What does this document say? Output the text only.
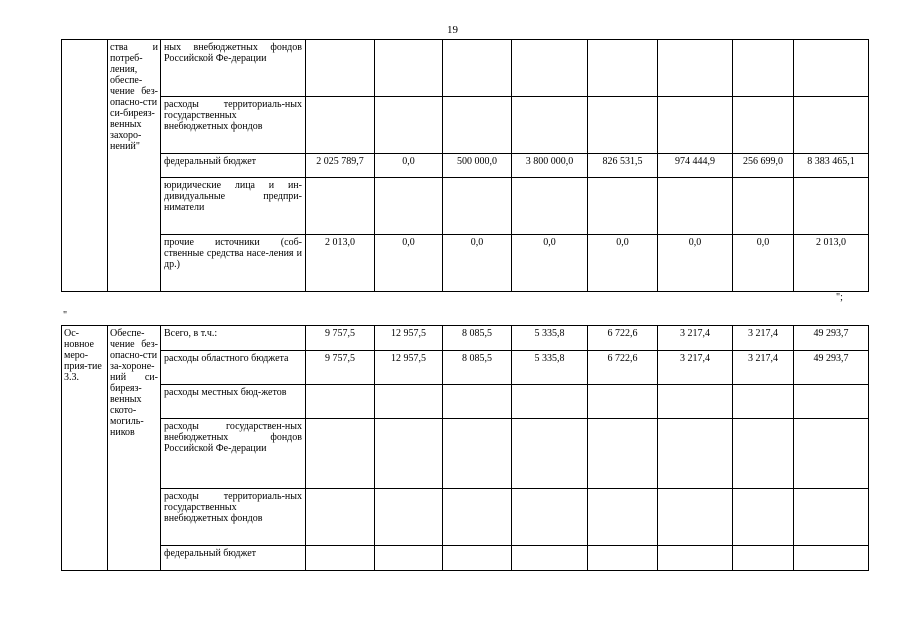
19
	ства и потреб-ления, обеспе-чение без-опасно-сти си-биреяз-венных захоро-нений"	ных внебюджетных фондов Российской Фе-дерации								
		расходы территориаль-ных государственных внебюджетных фондов								
		федеральный бюджет	2 025 789,7	0,0	500 000,0	3 800 000,0	826 531,5	974 444,9	256 699,0	8 383 465,1
		юридические лица и ин-дивидуальные предпри-ниматели								
		прочие источники (соб-ственные средства насе-ления и др.)	2 013,0	0,0	0,0	0,0	0,0	0,0	0,0	2 013,0
";
"
Ос-новное меро-прия-тие 3.3.	Обеспе-чение без-опасно-сти за-хороне-ний си-биреяз-венных ското-могиль-ников	Всего, в т.ч.:	9 757,5	12 957,5	8 085,5	5 335,8	6 722,6	3 217,4	3 217,4	49 293,7
		расходы областного бюджета	9 757,5	12 957,5	8 085,5	5 335,8	6 722,6	3 217,4	3 217,4	49 293,7
		расходы местных бюд-жетов								
		расходы государствен-ных внебюджетных фондов Российской Фе-дерации								
		расходы территориаль-ных государственных внебюджетных фондов								
		федеральный бюджет								
